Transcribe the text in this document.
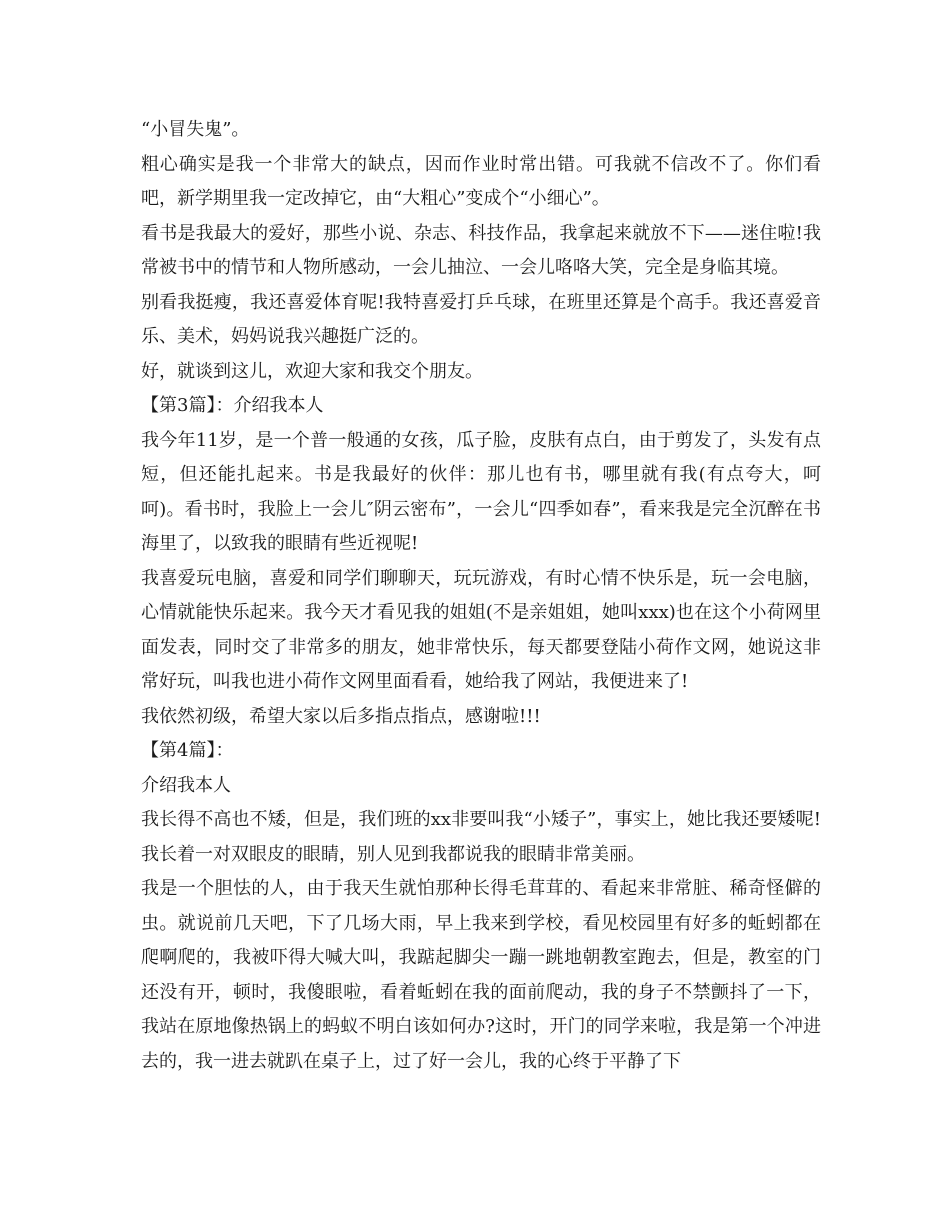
“小冒失鬼”。

粗心确实是我一个非常大的缺点，因而作业时常出错。可我就不信改不了。你们看吧，新学期里我一定改掉它，由“大粗心”变成个“小细心”。

看书是我最大的爱好，那些小说、杂志、科技作品，我拿起来就放不下——迷住啦!我常被书中的情节和人物所感动，一会儿抽泣、一会儿咯咯大笑，完全是身临其境。

别看我挺瘦，我还喜爱体育呢!我特喜爱打乒乓球，在班里还算是个高手。我还喜爱音乐、美术，妈妈说我兴趣挺广泛的。

好，就谈到这儿，欢迎大家和我交个朋友。

【第3篇】：介绍我本人

我今年11岁，是一个普一般通的女孩，瓜子脸，皮肤有点白，由于剪发了，头发有点短，但还能扎起来。书是我最好的伙伴：那儿也有书，哪里就有我(有点夸大，呵呵)。看书时，我脸上一会儿″阴云密布”，一会儿“四季如春”，看来我是完全沉醉在书海里了，以致我的眼睛有些近视呢!

我喜爱玩电脑，喜爱和同学们聊聊天，玩玩游戏，有时心情不快乐是，玩一会电脑，心情就能快乐起来。我今天才看见我的姐姐(不是亲姐姐，她叫xxx)也在这个小荷网里面发表，同时交了非常多的朋友，她非常快乐，每天都要登陆小荷作文网，她说这非常好玩，叫我也进小荷作文网里面看看，她给我了网站，我便进来了!

我依然初级，希望大家以后多指点指点，感谢啦!!!

【第4篇】：

介绍我本人

我长得不高也不矮，但是，我们班的xx非要叫我“小矮子”，事实上，她比我还要矮呢!我长着一对双眼皮的眼睛，别人见到我都说我的眼睛非常美丽。

我是一个胆怯的人，由于我天生就怕那种长得毛茸茸的、看起来非常脏、稀奇怪僻的虫。就说前几天吧，下了几场大雨，早上我来到学校，看见校园里有好多的蚯蚓都在爬啊爬的，我被吓得大喊大叫，我踮起脚尖一蹦一跳地朝教室跑去，但是，教室的门还没有开，顿时，我傻眼啦，看着蚯蚓在我的面前爬动，我的身子不禁颤抖了一下，我站在原地像热锅上的蚂蚁不明白该如何办?这时，开门的同学来啦，我是第一个冲进去的，我一进去就趴在桌子上，过了好一会儿，我的心终于平静了下
